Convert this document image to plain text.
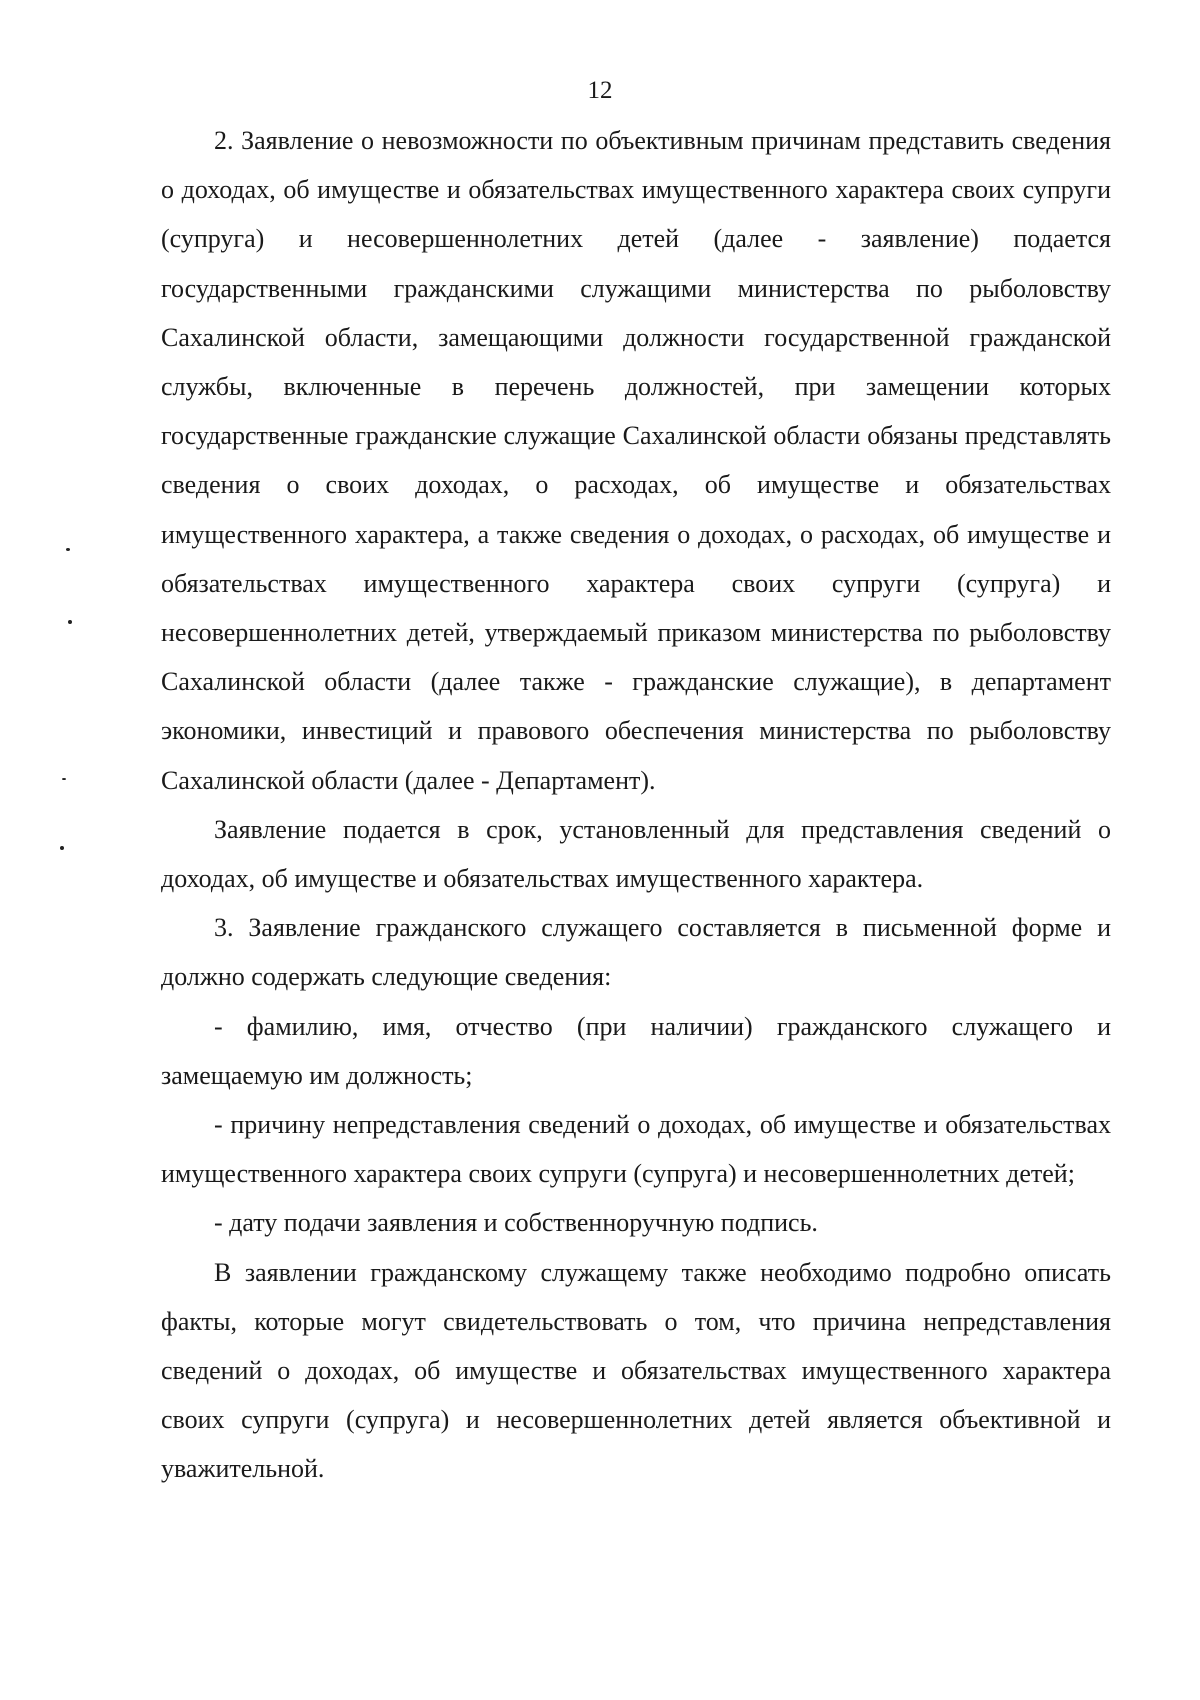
12

2. Заявление о невозможности по объективным причинам представить сведения о доходах, об имуществе и обязательствах имущественного характера своих супруги (супруга) и несовершеннолетних детей (далее - заявление) подается государственными гражданскими служащими министерства по рыболовству Сахалинской области, замещающими должности государственной гражданской службы, включенные в перечень должностей, при замещении которых государственные гражданские служащие Сахалинской области обязаны представлять сведения о своих доходах, о расходах, об имуществе и обязательствах имущественного характера, а также сведения о доходах, о расходах, об имуществе и обязательствах имущественного характера своих супруги (супруга) и несовершеннолетних детей, утверждаемый приказом министерства по рыболовству Сахалинской области (далее также - гражданские служащие), в департамент экономики, инвестиций и правового обеспечения министерства по рыболовству Сахалинской области (далее - Департамент).

Заявление подается в срок, установленный для представления сведений о доходах, об имуществе и обязательствах имущественного характера.

3. Заявление гражданского служащего составляется в письменной форме и должно содержать следующие сведения:

- фамилию, имя, отчество (при наличии) гражданского служащего и замещаемую им должность;

- причину непредставления сведений о доходах, об имуществе и обязательствах имущественного характера своих супруги (супруга) и несовершеннолетних детей;

- дату подачи заявления и собственноручную подпись.

В заявлении гражданскому служащему также необходимо подробно описать факты, которые могут свидетельствовать о том, что причина непредставления сведений о доходах, об имуществе и обязательствах имущественного характера своих супруги (супруга) и несовершеннолетних детей является объективной и уважительной.
